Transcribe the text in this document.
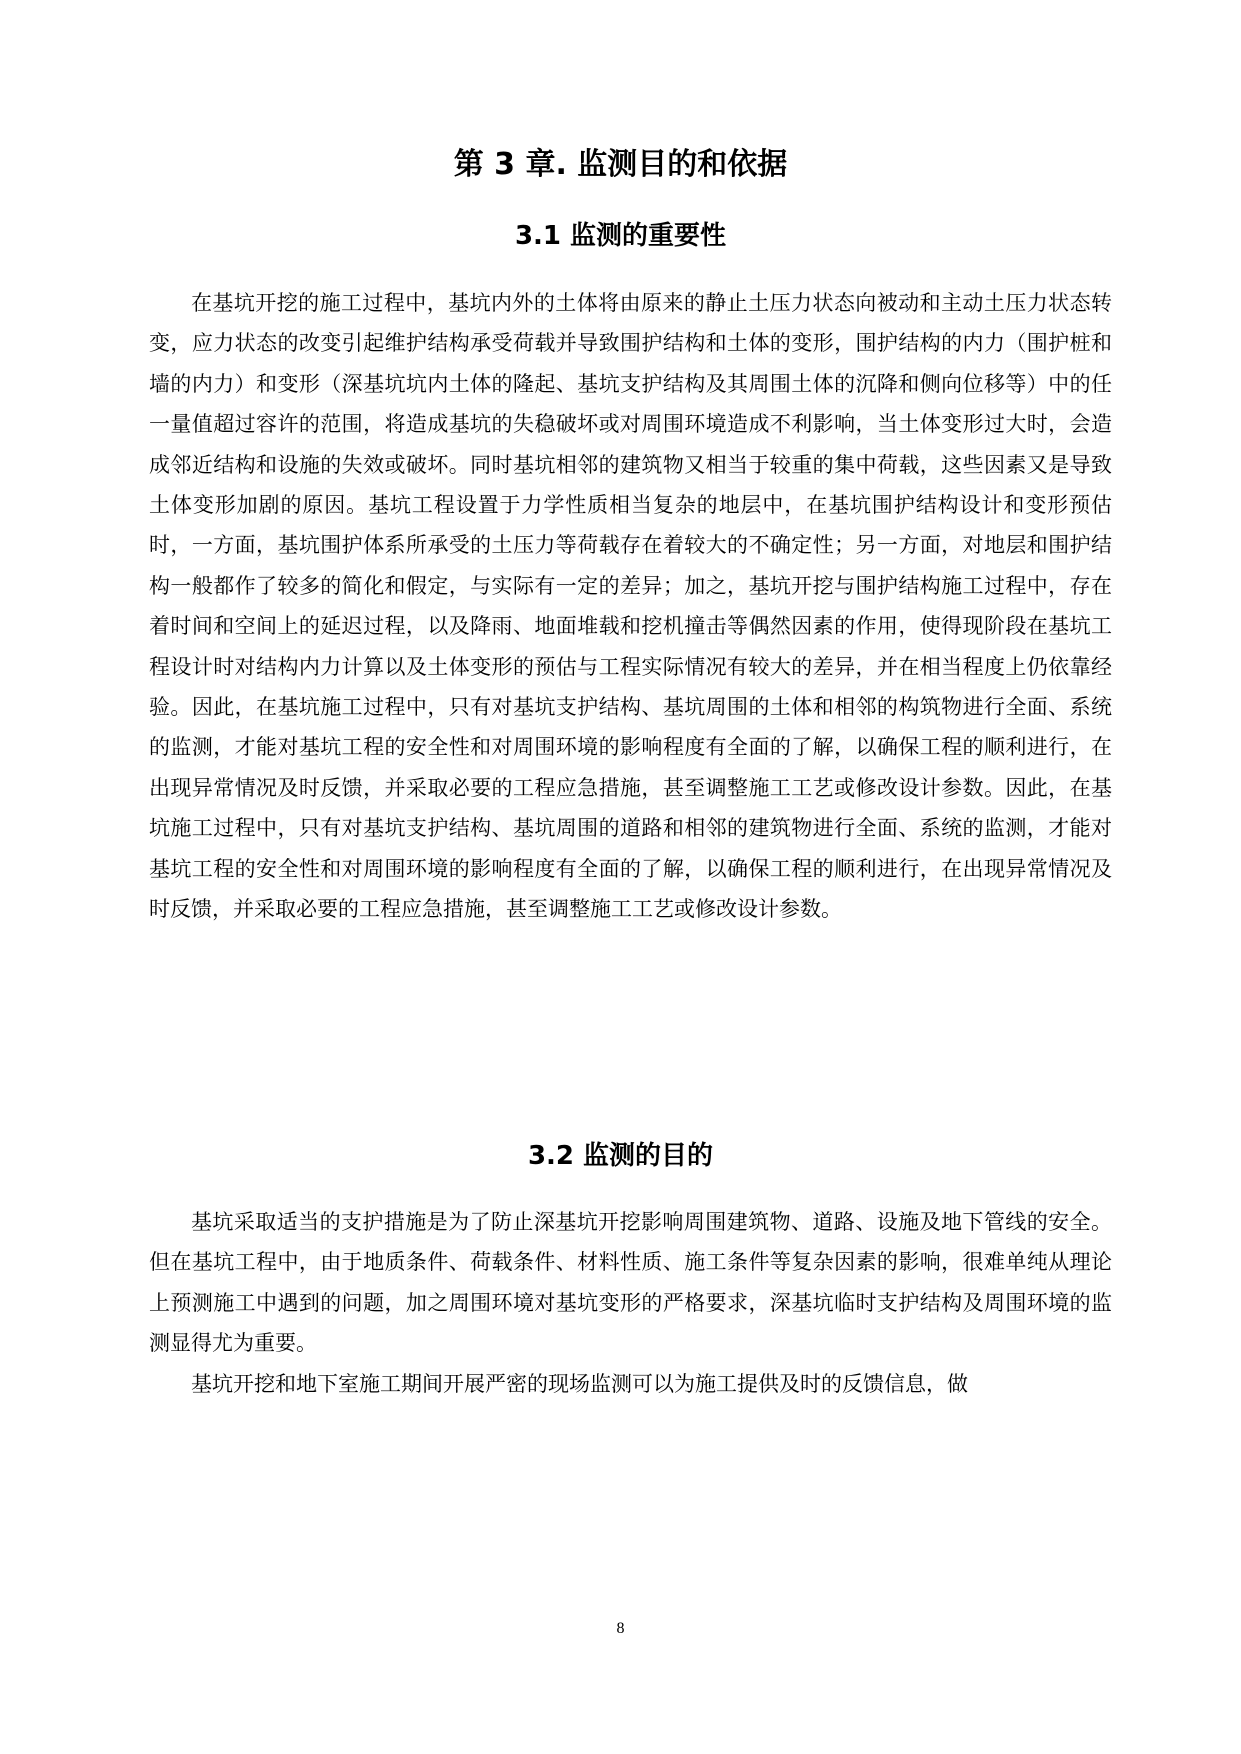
第 3 章. 监测目的和依据
3.1 监测的重要性

在基坑开挖的施工过程中，基坑内外的土体将由原来的静止土压力状态向被动和主动土压力状态转变，应力状态的改变引起维护结构承受荷载并导致围护结构和土体的变形，围护结构的内力（围护桩和墙的内力）和变形（深基坑坑内土体的隆起、基坑支护结构及其周围土体的沉降和侧向位移等）中的任一量值超过容许的范围，将造成基坑的失稳破坏或对周围环境造成不利影响，当土体变形过大时，会造成邻近结构和设施的失效或破坏。同时基坑相邻的建筑物又相当于较重的集中荷载，这些因素又是导致土体变形加剧的原因。基坑工程设置于力学性质相当复杂的地层中，在基坑围护结构设计和变形预估时，一方面，基坑围护体系所承受的土压力等荷载存在着较大的不确定性；另一方面，对地层和围护结构一般都作了较多的简化和假定，与实际有一定的差异；加之，基坑开挖与围护结构施工过程中，存在着时间和空间上的延迟过程，以及降雨、地面堆载和挖机撞击等偶然因素的作用，使得现阶段在基坑工程设计时对结构内力计算以及土体变形的预估与工程实际情况有较大的差异，并在相当程度上仍依靠经验。因此，在基坑施工过程中，只有对基坑支护结构、基坑周围的土体和相邻的构筑物进行全面、系统的监测，才能对基坑工程的安全性和对周围环境的影响程度有全面的了解，以确保工程的顺利进行，在出现异常情况及时反馈，并采取必要的工程应急措施，甚至调整施工工艺或修改设计参数。因此，在基坑施工过程中，只有对基坑支护结构、基坑周围的道路和相邻的建筑物进行全面、系统的监测，才能对基坑工程的安全性和对周围环境的影响程度有全面的了解，以确保工程的顺利进行，在出现异常情况及时反馈，并采取必要的工程应急措施，甚至调整施工工艺或修改设计参数。

3.2 监测的目的

基坑采取适当的支护措施是为了防止深基坑开挖影响周围建筑物、道路、设施及地下管线的安全。但在基坑工程中，由于地质条件、荷载条件、材料性质、施工条件等复杂因素的影响，很难单纯从理论上预测施工中遇到的问题，加之周围环境对基坑变形的严格要求，深基坑临时支护结构及周围环境的监测显得尤为重要。

基坑开挖和地下室施工期间开展严密的现场监测可以为施工提供及时的反馈信息，做

8
